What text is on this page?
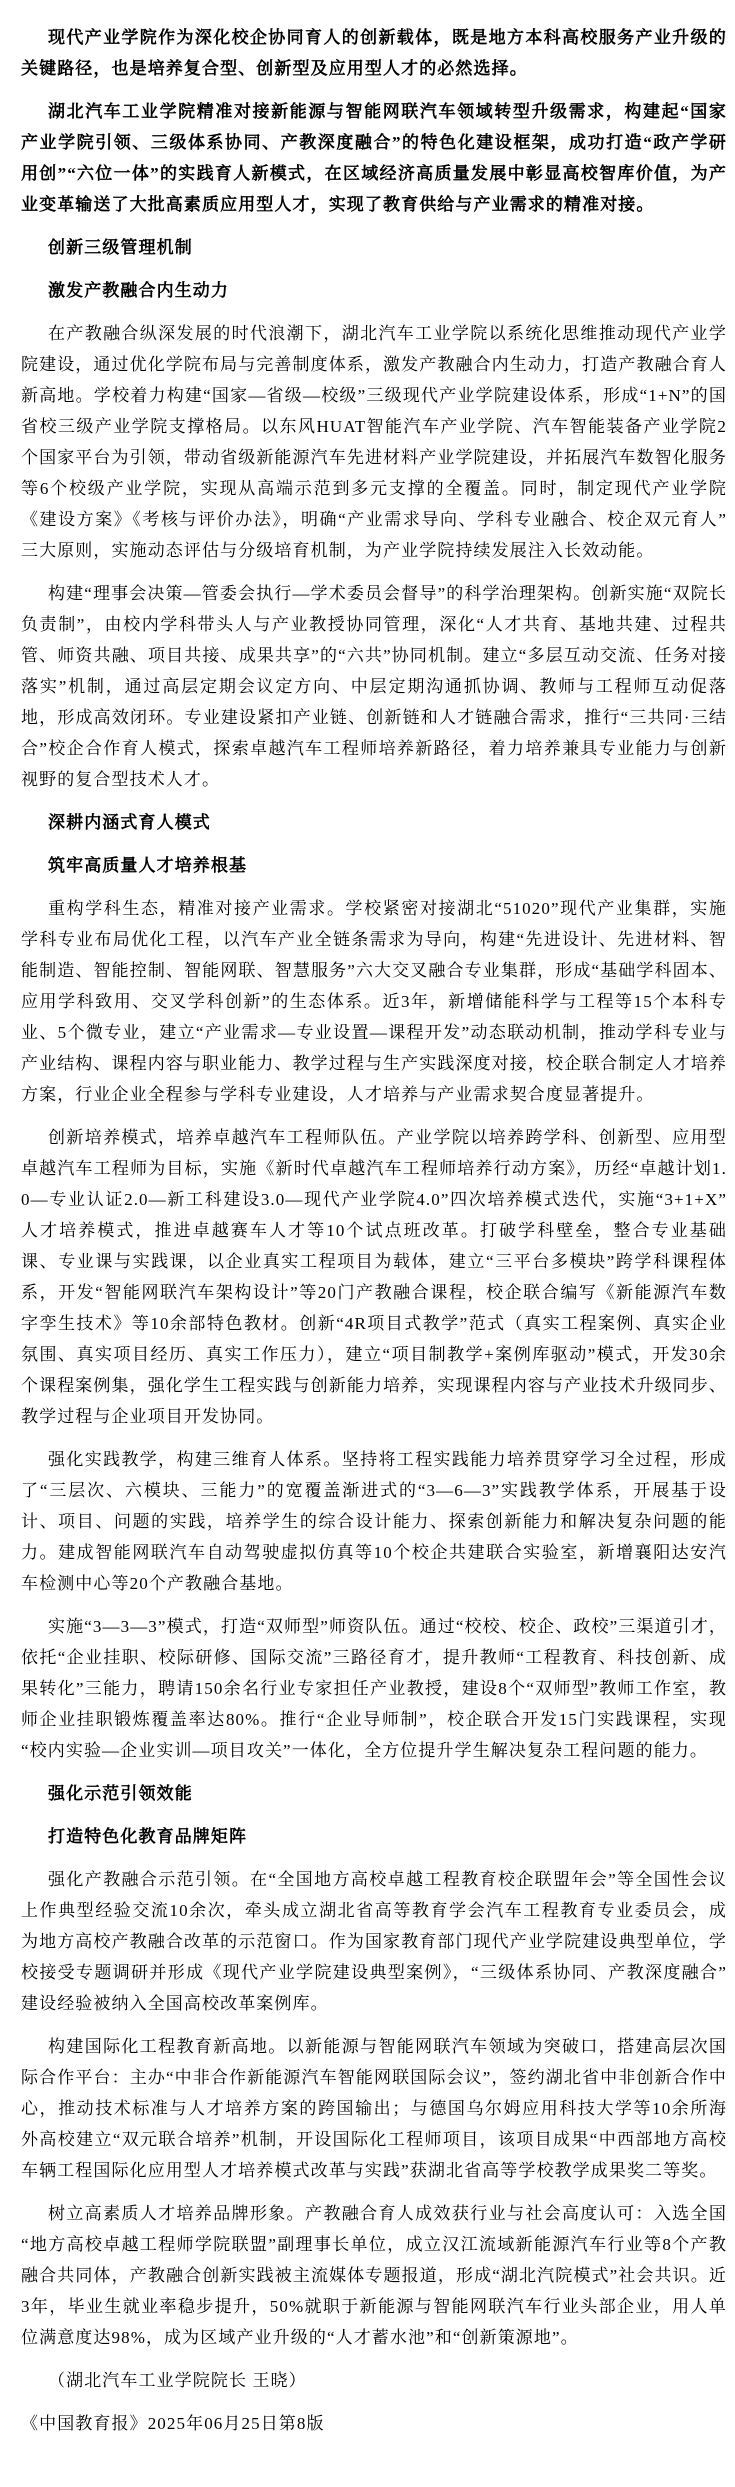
现代产业学院作为深化校企协同育人的创新载体，既是地方本科高校服务产业升级的关键路径，也是培养复合型、创新型及应用型人才的必然选择。

湖北汽车工业学院精准对接新能源与智能网联汽车领域转型升级需求，构建起“国家产业学院引领、三级体系协同、产教深度融合”的特色化建设框架，成功打造“政产学研用创”“六位一体”的实践育人新模式，在区域经济高质量发展中彰显高校智库价值，为产业变革输送了大批高素质应用型人才，实现了教育供给与产业需求的精准对接。

创新三级管理机制

激发产教融合内生动力

在产教融合纵深发展的时代浪潮下，湖北汽车工业学院以系统化思维推动现代产业学院建设，通过优化学院布局与完善制度体系，激发产教融合内生动力，打造产教融合育人新高地。学校着力构建“国家—省级—校级”三级现代产业学院建设体系，形成“1+N”的国省校三级产业学院支撑格局。以东风HUAT智能汽车产业学院、汽车智能装备产业学院2个国家平台为引领，带动省级新能源汽车先进材料产业学院建设，并拓展汽车数智化服务等6个校级产业学院，实现从高端示范到多元支撑的全覆盖。同时，制定现代产业学院《建设方案》《考核与评价办法》，明确“产业需求导向、学科专业融合、校企双元育人”三大原则，实施动态评估与分级培育机制，为产业学院持续发展注入长效动能。

构建“理事会决策—管委会执行—学术委员会督导”的科学治理架构。创新实施“双院长负责制”，由校内学科带头人与产业教授协同管理，深化“人才共育、基地共建、过程共管、师资共融、项目共接、成果共享”的“六共”协同机制。建立“多层互动交流、任务对接落实”机制，通过高层定期会议定方向、中层定期沟通抓协调、教师与工程师互动促落地，形成高效闭环。专业建设紧扣产业链、创新链和人才链融合需求，推行“三共同·三结合”校企合作育人模式，探索卓越汽车工程师培养新路径，着力培养兼具专业能力与创新视野的复合型技术人才。

深耕内涵式育人模式

筑牢高质量人才培养根基

重构学科生态，精准对接产业需求。学校紧密对接湖北“51020”现代产业集群，实施学科专业布局优化工程，以汽车产业全链条需求为导向，构建“先进设计、先进材料、智能制造、智能控制、智能网联、智慧服务”六大交叉融合专业集群，形成“基础学科固本、应用学科致用、交叉学科创新”的生态体系。近3年，新增储能科学与工程等15个本科专业、5个微专业，建立“产业需求—专业设置—课程开发”动态联动机制，推动学科专业与产业结构、课程内容与职业能力、教学过程与生产实践深度对接，校企联合制定人才培养方案，行业企业全程参与学科专业建设，人才培养与产业需求契合度显著提升。

创新培养模式，培养卓越汽车工程师队伍。产业学院以培养跨学科、创新型、应用型卓越汽车工程师为目标，实施《新时代卓越汽车工程师培养行动方案》，历经“卓越计划1.0—专业认证2.0—新工科建设3.0—现代产业学院4.0”四次培养模式迭代，实施“3+1+X”人才培养模式，推进卓越赛车人才等10个试点班改革。打破学科壁垒，整合专业基础课、专业课与实践课，以企业真实工程项目为载体，建立“三平台多模块”跨学科课程体系，开发“智能网联汽车架构设计”等20门产教融合课程，校企联合编写《新能源汽车数字孪生技术》等10余部特色教材。创新“4R项目式教学”范式（真实工程案例、真实企业氛围、真实项目经历、真实工作压力），建立“项目制教学+案例库驱动”模式，开发30余个课程案例集，强化学生工程实践与创新能力培养，实现课程内容与产业技术升级同步、教学过程与企业项目开发协同。

强化实践教学，构建三维育人体系。坚持将工程实践能力培养贯穿学习全过程，形成了“三层次、六模块、三能力”的宽覆盖渐进式的“3—6—3”实践教学体系，开展基于设计、项目、问题的实践，培养学生的综合设计能力、探索创新能力和解决复杂问题的能力。建成智能网联汽车自动驾驶虚拟仿真等10个校企共建联合实验室，新增襄阳达安汽车检测中心等20个产教融合基地。

实施“3—3—3”模式，打造“双师型”师资队伍。通过“校校、校企、政校”三渠道引才，依托“企业挂职、校际研修、国际交流”三路径育才，提升教师“工程教育、科技创新、成果转化”三能力，聘请150余名行业专家担任产业教授，建设8个“双师型”教师工作室，教师企业挂职锻炼覆盖率达80%。推行“企业导师制”，校企联合开发15门实践课程，实现“校内实验—企业实训—项目攻关”一体化，全方位提升学生解决复杂工程问题的能力。

强化示范引领效能

打造特色化教育品牌矩阵

强化产教融合示范引领。在“全国地方高校卓越工程教育校企联盟年会”等全国性会议上作典型经验交流10余次，牵头成立湖北省高等教育学会汽车工程教育专业委员会，成为地方高校产教融合改革的示范窗口。作为国家教育部门现代产业学院建设典型单位，学校接受专题调研并形成《现代产业学院建设典型案例》，“三级体系协同、产教深度融合”建设经验被纳入全国高校改革案例库。

构建国际化工程教育新高地。以新能源与智能网联汽车领域为突破口，搭建高层次国际合作平台：主办“中非合作新能源汽车智能网联国际会议”，签约湖北省中非创新合作中心，推动技术标准与人才培养方案的跨国输出；与德国乌尔姆应用科技大学等10余所海外高校建立“双元联合培养”机制，开设国际化工程师项目，该项目成果“中西部地方高校车辆工程国际化应用型人才培养模式改革与实践”获湖北省高等学校教学成果奖二等奖。

树立高素质人才培养品牌形象。产教融合育人成效获行业与社会高度认可：入选全国“地方高校卓越工程师学院联盟”副理事长单位，成立汉江流域新能源汽车行业等8个产教融合共同体，产教融合创新实践被主流媒体专题报道，形成“湖北汽院模式”社会共识。近3年，毕业生就业率稳步提升，50%就职于新能源与智能网联汽车行业头部企业，用人单位满意度达98%，成为区域产业升级的“人才蓄水池”和“创新策源地”。

（湖北汽车工业学院院长 王晓）

《中国教育报》2025年06月25日第8版
